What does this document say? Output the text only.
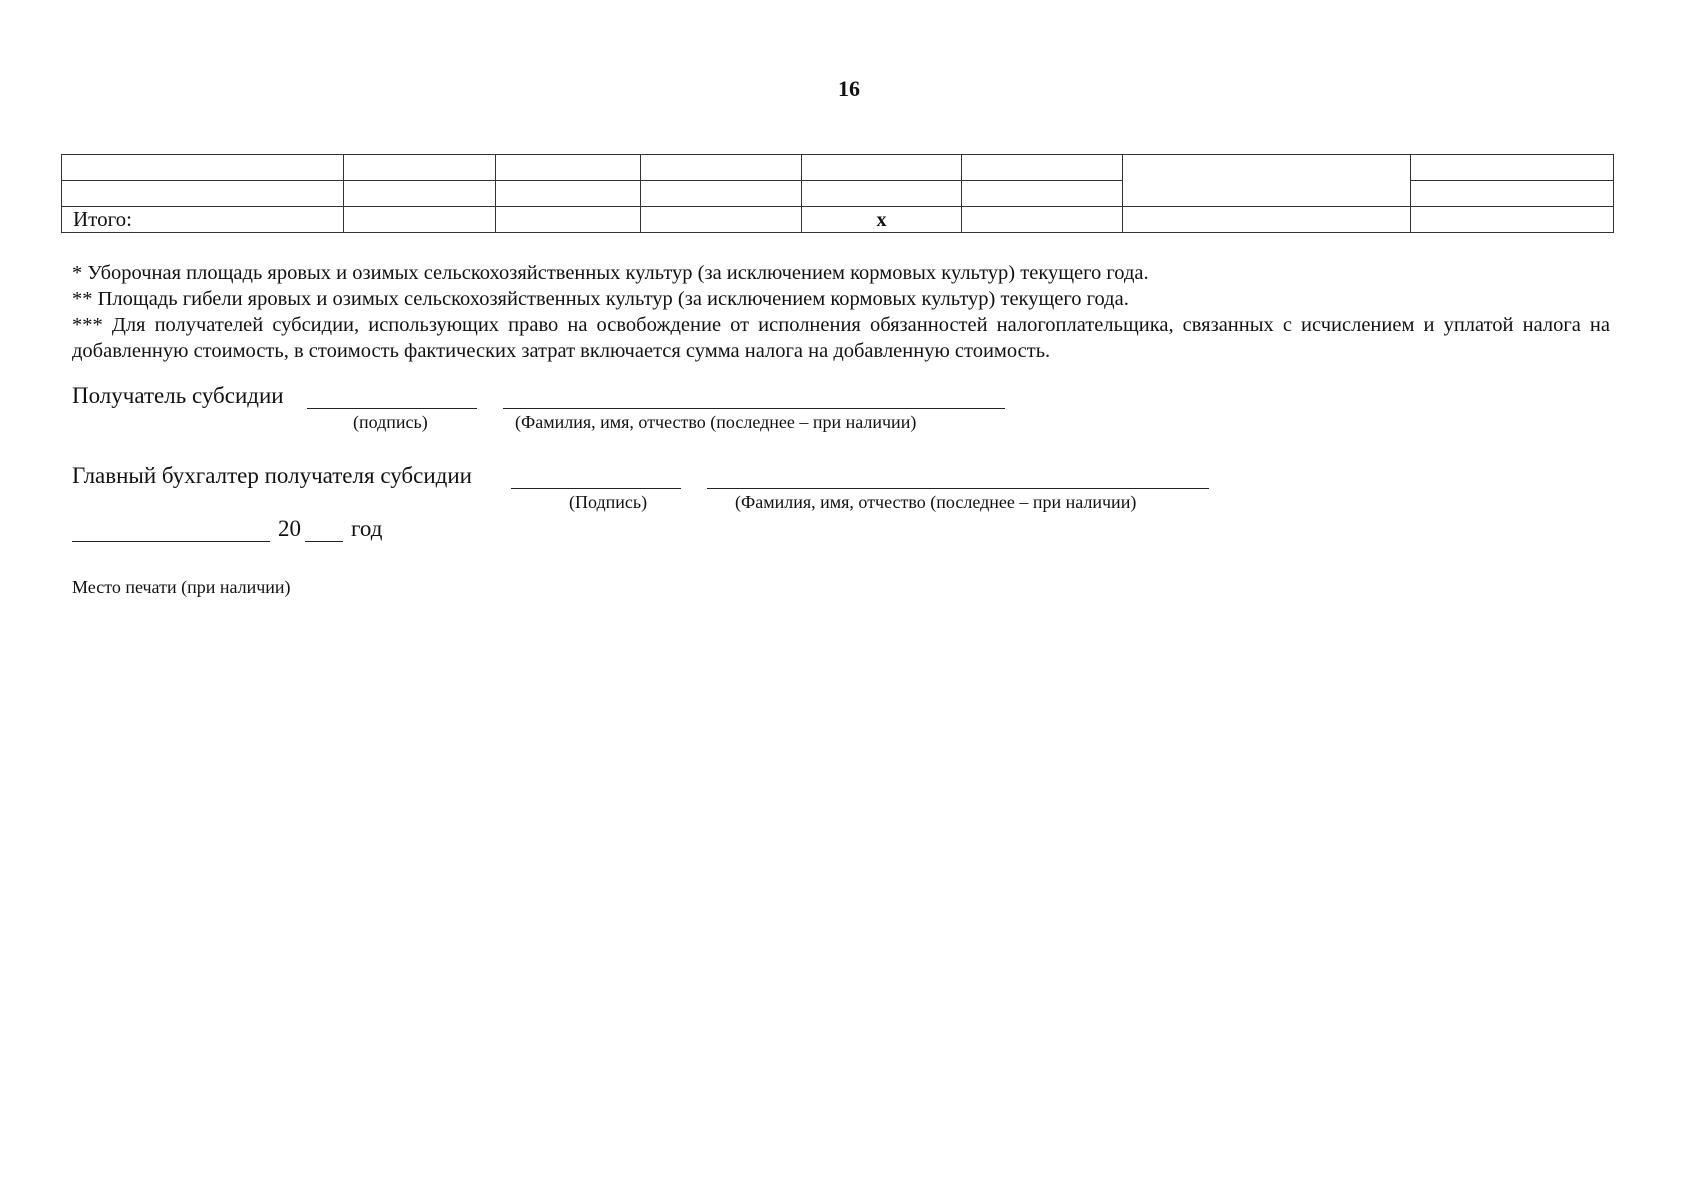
16

Итого:				x			

* Уборочная площадь яровых и озимых сельскохозяйственных культур (за исключением кормовых культур) текущего года.

** Площадь гибели яровых и озимых сельскохозяйственных культур (за исключением кормовых культур) текущего года.

*** Для получателей субсидии, использующих право на освобождение от исполнения обязанностей налогоплательщика, связанных с исчислением и уплатой налога на добавленную стоимость, в стоимость фактических затрат включается сумма налога на добавленную стоимость.

Получатель субсидии
(подпись)	(Фамилия, имя, отчество (последнее – при наличии)
Главный бухгалтер получателя субсидии
(Подпись)	(Фамилия, имя, отчество (последнее – при наличии)
20 год
Место печати (при наличии)
